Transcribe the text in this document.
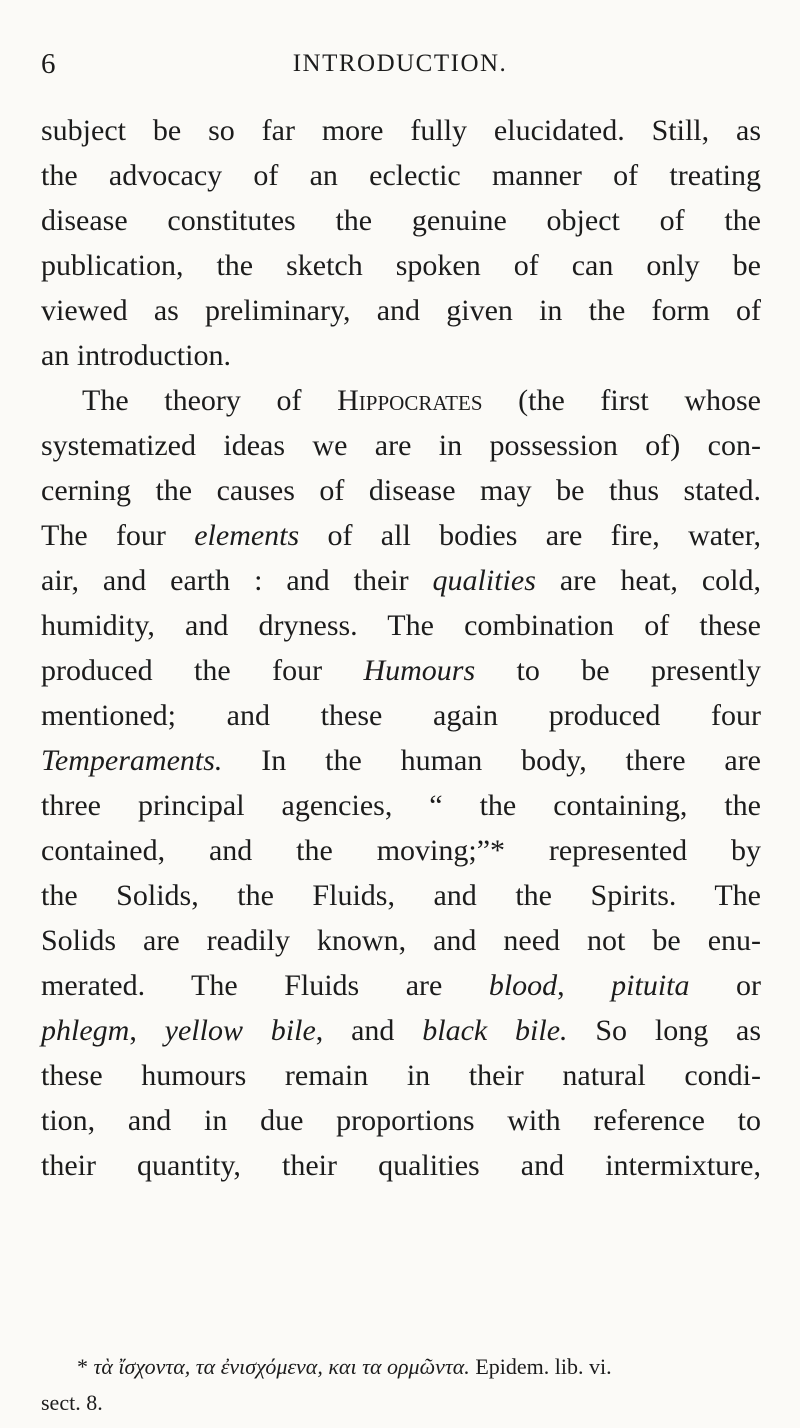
6	INTRODUCTION.
subject be so far more fully elucidated. Still, as
the advocacy of an eclectic manner of treating
disease constitutes the genuine object of the
publication, the sketch spoken of can only be
viewed as preliminary, and given in the form of
an introduction.
The theory of Hippocrates (the first whose
systematized ideas we are in possession of) con-
cerning the causes of disease may be thus stated.
The four elements of all bodies are fire, water,
air, and earth : and their qualities are heat, cold,
humidity, and dryness. The combination of these
produced the four Humours to be presently
mentioned; and these again produced four
Temperaments. In the human body, there are
three principal agencies, “ the containing, the
contained, and the moving;”* represented by
the Solids, the Fluids, and the Spirits. The
Solids are readily known, and need not be enu-
merated. The Fluids are blood, pituita or
phlegm, yellow bile, and black bile. So long as
these humours remain in their natural condi-
tion, and in due proportions with reference to
their quantity, their qualities and intermixture,
* τὰ ἴσχοντα, τα ἐνισχόμενα, και τα ορμῶντα. Epidem. lib. vi.
sect. 8.
